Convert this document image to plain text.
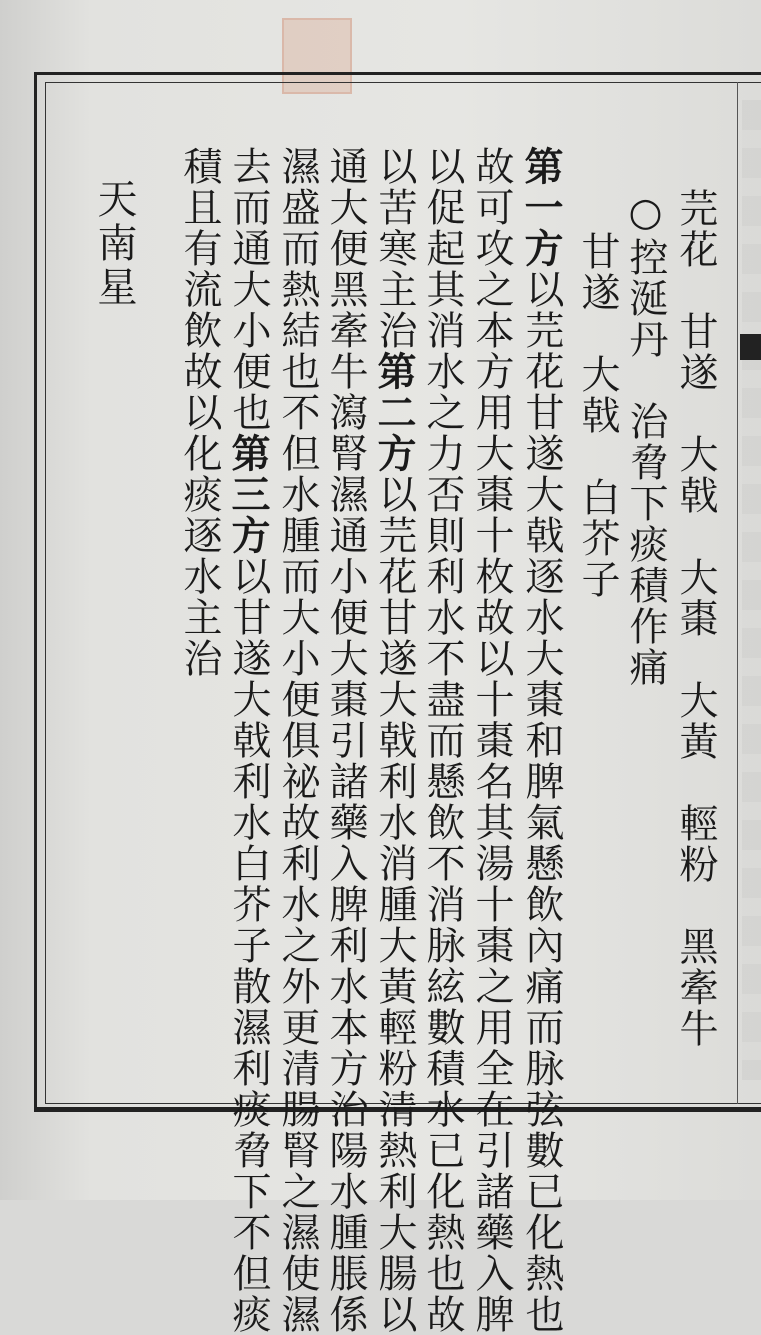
芫花　甘遂　大戟　大棗　大黃　輕粉　黑牽牛
○控涎丹　治脅下痰積作痛
　甘遂　大戟　白芥子
第一方以芫花甘遂大戟逐水大棗和脾氣懸飲內痛而脉弦數已化熱也
故可攻之本方用大棗十枚故以十棗名其湯十棗之用全在引諸藥入脾
以促起其消水之力否則利水不盡而懸飲不消脉絃數積水已化熱也故
以苦寒主治第二方以芫花甘遂大戟利水消腫大黃輕粉清熱利大腸以
通大便黑牽牛瀉腎濕通小便大棗引諸藥入脾利水本方治陽水腫脹係
濕盛而熱結也不但水腫而大小便俱祕故利水之外更清腸腎之濕使濕
去而通大小便也第三方以甘遂大戟利水白芥子散濕利痰脅下不但痰
積且有流飲故以化痰逐水主治
天南星
